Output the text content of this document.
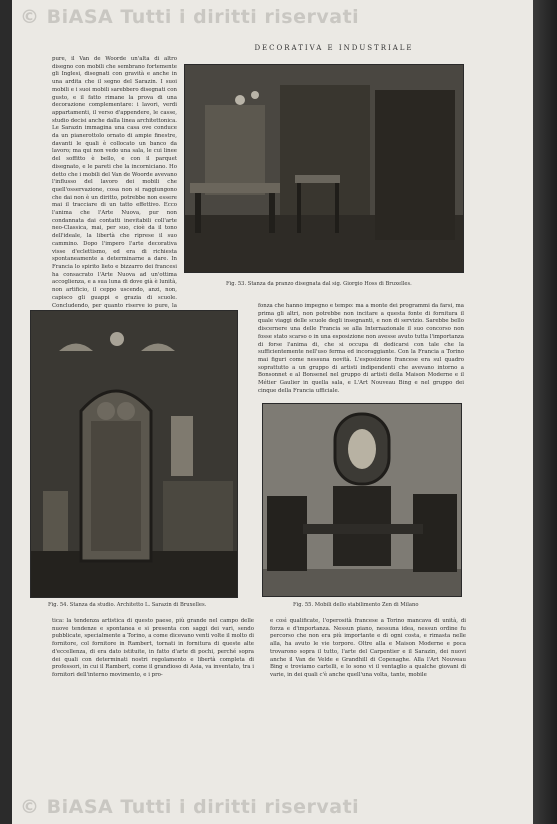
© BiASA Tutti i diritti riservati
DECORATIVA E INDUSTRIALE
pure, il Van de Woorde un'alta di altro disegno con mobili che sembrano fortemente gli Inglesi, disegnati con gravità e anche in una ardita che il segno del Sarazin. I suoi mobili e i suoi mobili sarebbero disegnati con gusto, e il fatto rimane la prova di una decorazione complementare: i lavori, verdi appartamenti, il verso d'appendere, le casse, studio decisi anche dalla linea architettonica. Le Sarazin immagina una casa ove conduce da un pianerottolo ornato di ampie finestre, davanti le quali è collocato un banco da lavoro; ma qui non vedo una sala, le cui linee del soffitto è bello, e con il parquet disegnato, e le pareti che la incorniciano. Ho detto che i mobili del Van de Woorde avevano l'influsso del lavoro dei mobili che quell'osservazione, cosa non si raggiungono che dai non è un diritto, potrebbe non essere mai il tracciare di un tatto effettivo. Ecco l'anima che l'Arte Nuova, pur non condannata dai contatti inevitabili coll'arte neo-Classica, mai, per suo, cioè da il tono dell'ideale, la libertà che riprese il suo cammino. Dopo l'impero l'arte decorativa visse d'eclettismo, ed era di richiesta spontaneamente a determinarne a dare. In Francia lo spirito lieto e bizzarro dei francesi ha consacrato l'Arte Nuova ad un'ottima accoglienza, e a sua luna di dove già è lunità, non artificio, il ceppo uscendo, anzi, non, capisco gli guappi e grazia di scuole. Concludendo, per quanto riserve io pure, la
Fig. 53. Stanza da pranzo disegnata dal sig. Giorgio Hoss di Bruxelles.
fonza che hanno impegno e tempo: ma a monte dei programmi da farsi, ma prima gli altri, non potrebbe non incitare a questa fonte di fornitura il quale viaggi delle scuole degli insegnanti, e non di servizio. Sarebbe bello discernere una delle Francia se alla Internazionale il suo concorso non fosse stato scarso o in una esposizione non avesse avuto tutta l'importanza di forse l'anima di, che si occupa di dedicarsi con tale che la sufficientemente nell'uso ferma ed incoraggiante. Con la Francia a Torino mai figuri come nessuna novità. L'esposizione francese era sul quadro soprattutto a un gruppo di artisti indipendenti che avevano intorno a Bonsonnet e al Bonsenel nel gruppo di artisti della Maison Moderne e il Métier Gaulier in quella sala, e L'Art Nouveau Bing e nel gruppo dei cinque della Francia ufficiale.
Fig. 54. Stanza da studio. Architetto L. Sarazin di Bruxelles.	Fig. 55. Mobili dello stabilimento Zen di Milano
tica: la tendenza artistica di questo paese, più grande nel campo delle nuove tendenze e spontanea e si presenta con saggi dei vari, sendo pubblicate, specialmente a Torino, a come dicevano venti volte il molto di fornitore, col fornitore in Rambert, tornati in fornitura di queste alte d'eccellenza, di era dato istituite, in fatto d'arte di pochi, perché sopra dei quali con determinati nostri regolamento e libertà completa di professori, in cui il Rambert, come il grandioso di Asia, va inventato, tra i fornitori dell'interno movimento, e i pro-
e così qualificate, l'operosità francese a Torino mancava di unità, di forza e d'importanza. Nessun piano, nessuna idea, nessun ordine fu percorso che non era più importante e di ogni costa, e rimasta nelle alla, ha avuto le vie torpore. Oltre alla e Maison Moderne e poca trovarono sopra il tutto, l'arte del Carpentier e il Sarazin, dei nuovi anche il Van de Velde e Grandhill di Copenaghe. Alla l'Art Nouveau Bing e troviamo cartelli, e lo sono vi il ventaglio a qualche giovani di varie, in dei quali c'è anche quell'una volta, tante, mobile
© BiASA Tutti i diritti riservati
